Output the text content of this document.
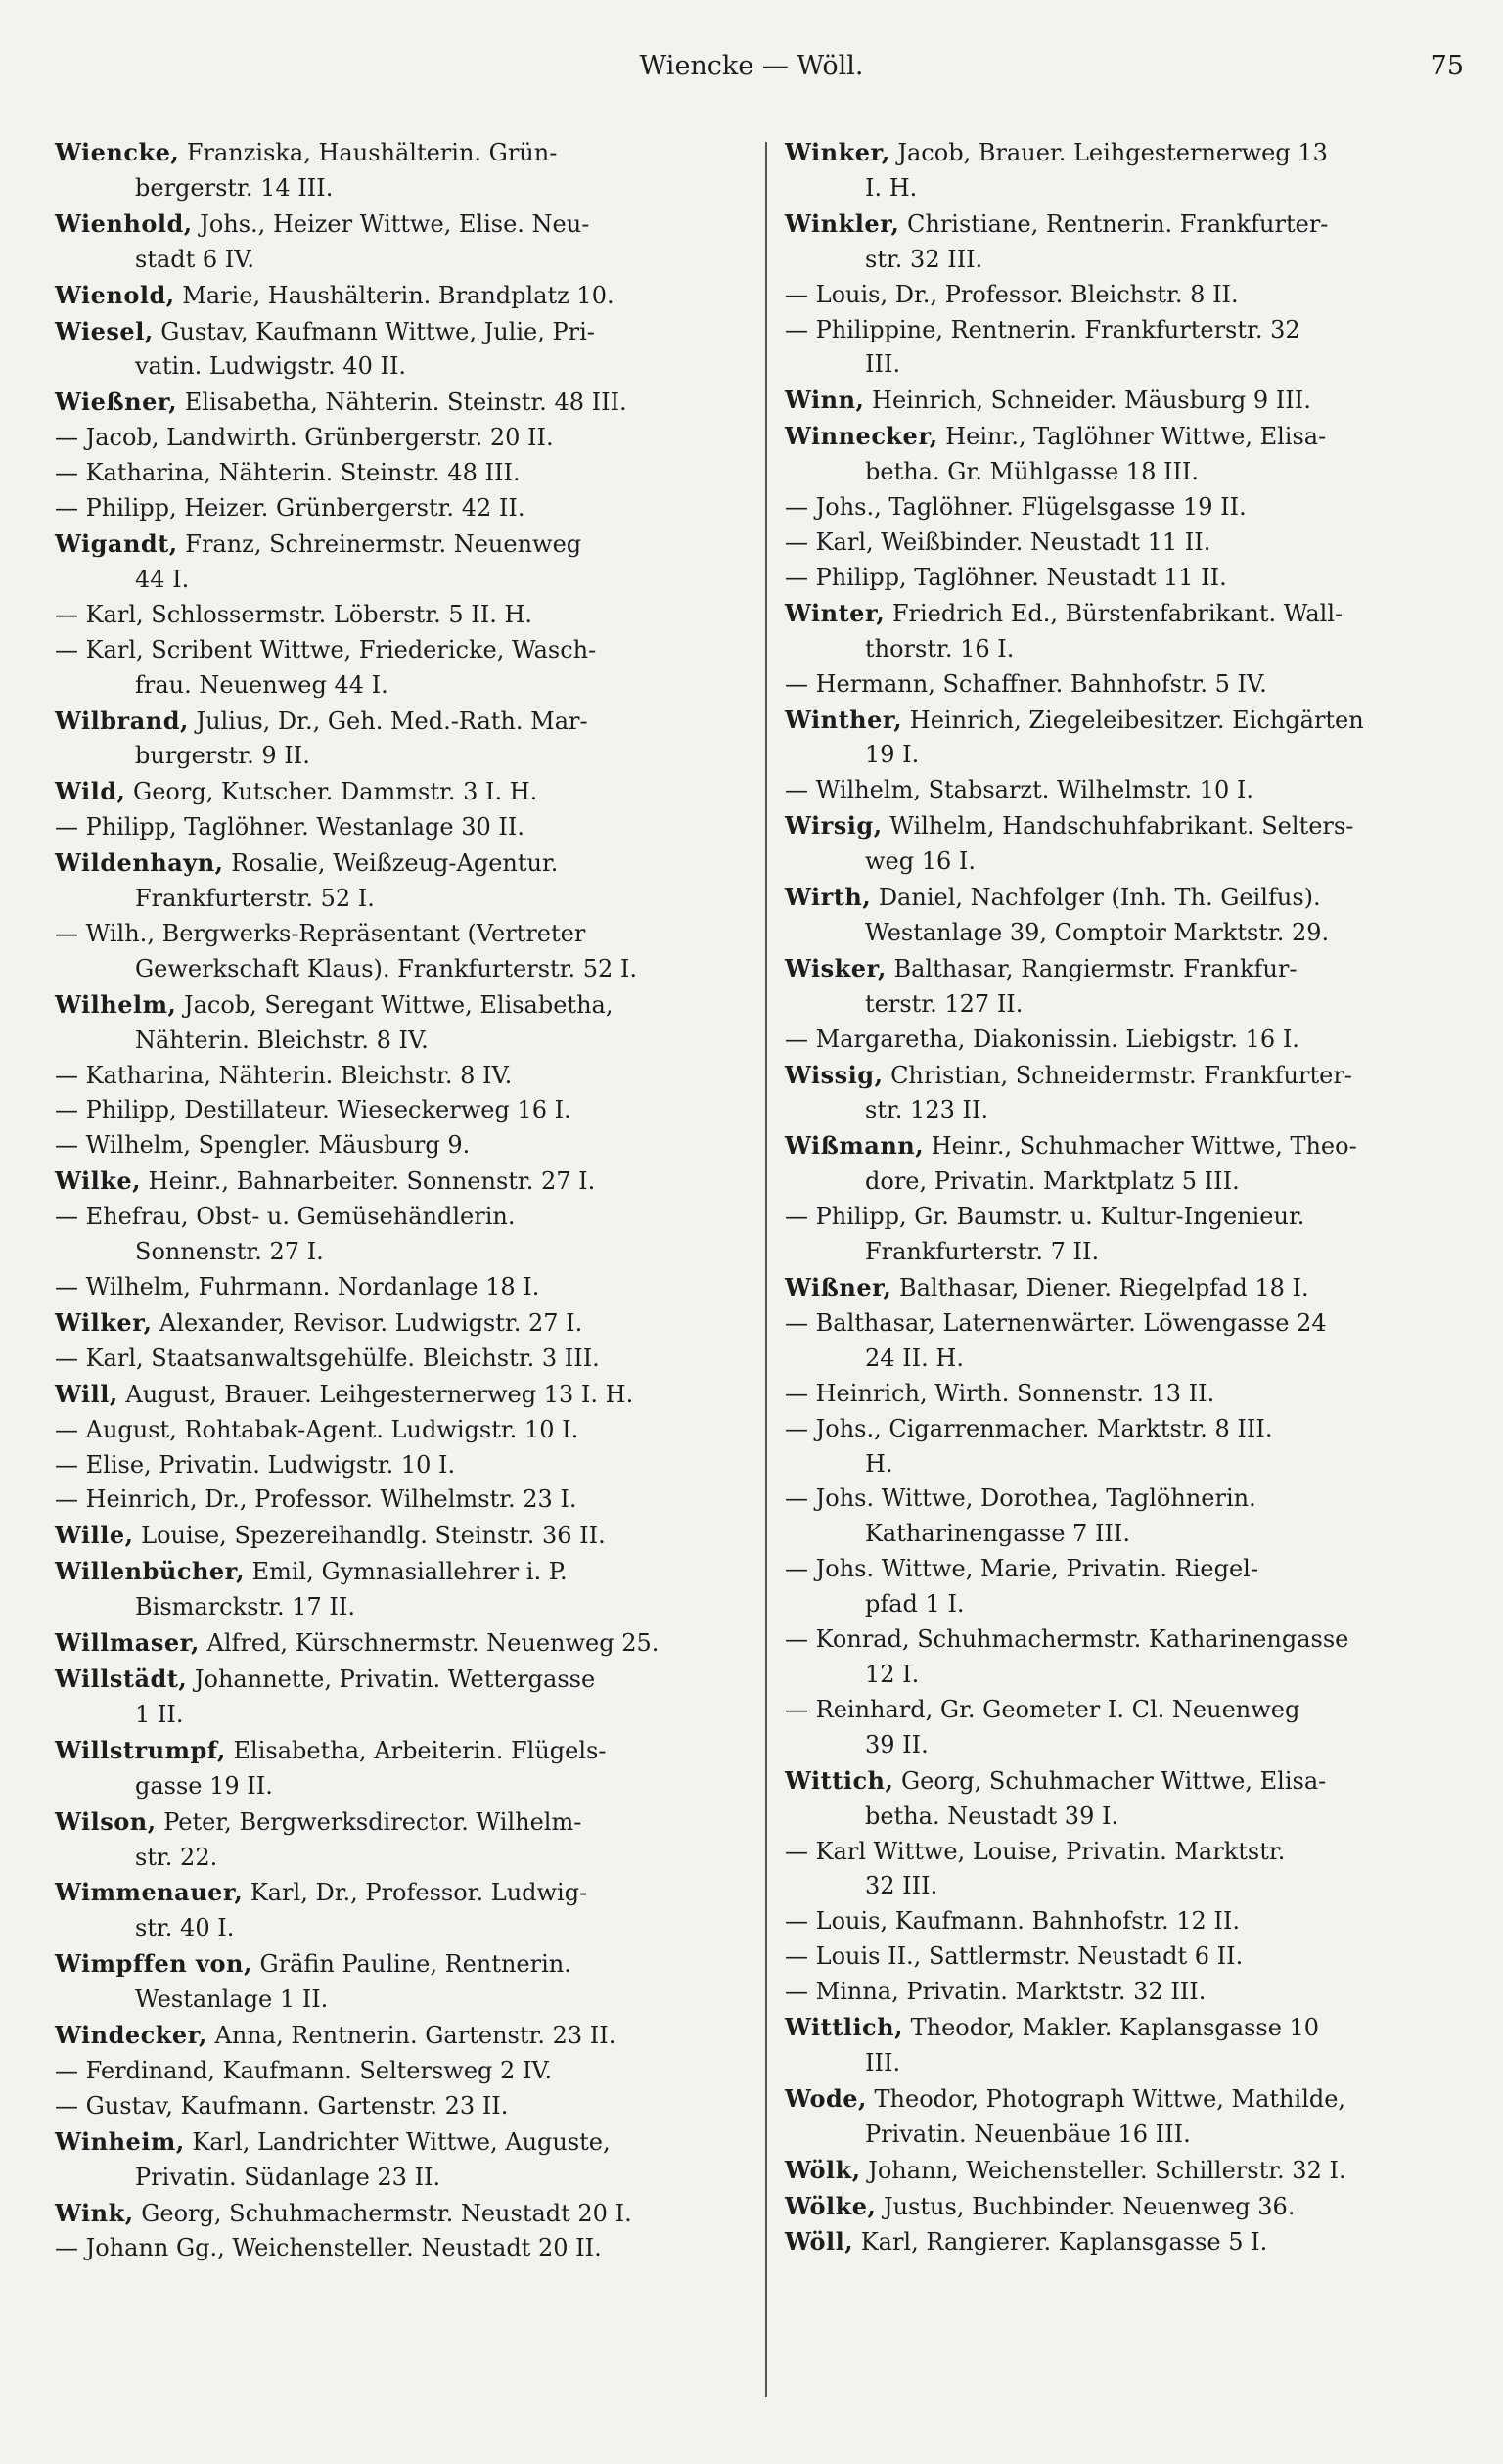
Wiencke — Wöll.	75
Wiencke, Franziska, Haushälterin. Grün-
bergerstr. 14 III.
Wienhold, Johs., Heizer Wittwe, Elise. Neu-
stadt 6 IV.
Wienold, Marie, Haushälterin. Brandplatz 10.
Wiesel, Gustav, Kaufmann Wittwe, Julie, Pri-
vatin. Ludwigstr. 40 II.
Wießner, Elisabetha, Nähterin. Steinstr. 48 III.
— Jacob, Landwirth. Grünbergerstr. 20 II.
— Katharina, Nähterin. Steinstr. 48 III.
— Philipp, Heizer. Grünbergerstr. 42 II.
Wigandt, Franz, Schreinermstr. Neuenweg
44 I.
— Karl, Schlossermstr. Löberstr. 5 II. H.
— Karl, Scribent Wittwe, Friedericke, Wasch-
frau. Neuenweg 44 I.
Wilbrand, Julius, Dr., Geh. Med.-Rath. Mar-
burgerstr. 9 II.
Wild, Georg, Kutscher. Dammstr. 3 I. H.
— Philipp, Taglöhner. Westanlage 30 II.
Wildenhayn, Rosalie, Weißzeug-Agentur.
Frankfurterstr. 52 I.
— Wilh., Bergwerks-Repräsentant (Vertreter
Gewerkschaft Klaus). Frankfurterstr. 52 I.
Wilhelm, Jacob, Seregant Wittwe, Elisabetha,
Nähterin. Bleichstr. 8 IV.
— Katharina, Nähterin. Bleichstr. 8 IV.
— Philipp, Destillateur. Wieseckerweg 16 I.
— Wilhelm, Spengler. Mäusburg 9.
Wilke, Heinr., Bahnarbeiter. Sonnenstr. 27 I.
— Ehefrau, Obst- u. Gemüsehändlerin.
Sonnenstr. 27 I.
— Wilhelm, Fuhrmann. Nordanlage 18 I.
Wilker, Alexander, Revisor. Ludwigstr. 27 I.
— Karl, Staatsanwaltsgehülfe. Bleichstr. 3 III.
Will, August, Brauer. Leihgesternerweg 13 I. H.
— August, Rohtabak-Agent. Ludwigstr. 10 I.
— Elise, Privatin. Ludwigstr. 10 I.
— Heinrich, Dr., Professor. Wilhelmstr. 23 I.
Wille, Louise, Spezereihandlg. Steinstr. 36 II.
Willenbücher, Emil, Gymnasiallehrer i. P.
Bismarckstr. 17 II.
Willmaser, Alfred, Kürschnermstr. Neuenweg 25.
Willstädt, Johannette, Privatin. Wettergasse
1 II.
Willstrumpf, Elisabetha, Arbeiterin. Flügels-
gasse 19 II.
Wilson, Peter, Bergwerksdirector. Wilhelm-
str. 22.
Wimmenauer, Karl, Dr., Professor. Ludwig-
str. 40 I.
Wimpffen von, Gräfin Pauline, Rentnerin.
Westanlage 1 II.
Windecker, Anna, Rentnerin. Gartenstr. 23 II.
— Ferdinand, Kaufmann. Seltersweg 2 IV.
— Gustav, Kaufmann. Gartenstr. 23 II.
Winheim, Karl, Landrichter Wittwe, Auguste,
Privatin. Südanlage 23 II.
Wink, Georg, Schuhmachermstr. Neustadt 20 I.
— Johann Gg., Weichensteller. Neustadt 20 II.
Winker, Jacob, Brauer. Leihgesternerweg 13
I. H.
Winkler, Christiane, Rentnerin. Frankfurter-
str. 32 III.
— Louis, Dr., Professor. Bleichstr. 8 II.
— Philippine, Rentnerin. Frankfurterstr. 32
III.
Winn, Heinrich, Schneider. Mäusburg 9 III.
Winnecker, Heinr., Taglöhner Wittwe, Elisa-
betha. Gr. Mühlgasse 18 III.
— Johs., Taglöhner. Flügelsgasse 19 II.
— Karl, Weißbinder. Neustadt 11 II.
— Philipp, Taglöhner. Neustadt 11 II.
Winter, Friedrich Ed., Bürstenfabrikant. Wall-
thorstr. 16 I.
— Hermann, Schaffner. Bahnhofstr. 5 IV.
Winther, Heinrich, Ziegeleibesitzer. Eichgärten
19 I.
— Wilhelm, Stabsarzt. Wilhelmstr. 10 I.
Wirsig, Wilhelm, Handschuhfabrikant. Selters-
weg 16 I.
Wirth, Daniel, Nachfolger (Inh. Th. Geilfus).
Westanlage 39, Comptoir Marktstr. 29.
Wisker, Balthasar, Rangiermstr. Frankfur-
terstr. 127 II.
— Margaretha, Diakonissin. Liebigstr. 16 I.
Wissig, Christian, Schneidermstr. Frankfurter-
str. 123 II.
Wißmann, Heinr., Schuhmacher Wittwe, Theo-
dore, Privatin. Marktplatz 5 III.
— Philipp, Gr. Baumstr. u. Kultur-Ingenieur.
Frankfurterstr. 7 II.
Wißner, Balthasar, Diener. Riegelpfad 18 I.
— Balthasar, Laternenwärter. Löwengasse 24
24 II. H.
— Heinrich, Wirth. Sonnenstr. 13 II.
— Johs., Cigarrenmacher. Marktstr. 8 III.
H.
— Johs. Wittwe, Dorothea, Taglöhnerin.
Katharinengasse 7 III.
— Johs. Wittwe, Marie, Privatin. Riegel-
pfad 1 I.
— Konrad, Schuhmachermstr. Katharinengasse
12 I.
— Reinhard, Gr. Geometer I. Cl. Neuenweg
39 II.
Wittich, Georg, Schuhmacher Wittwe, Elisa-
betha. Neustadt 39 I.
— Karl Wittwe, Louise, Privatin. Marktstr.
32 III.
— Louis, Kaufmann. Bahnhofstr. 12 II.
— Louis II., Sattlermstr. Neustadt 6 II.
— Minna, Privatin. Marktstr. 32 III.
Wittlich, Theodor, Makler. Kaplansgasse 10
III.
Wode, Theodor, Photograph Wittwe, Mathilde,
Privatin. Neuenbäue 16 III.
Wölk, Johann, Weichensteller. Schillerstr. 32 I.
Wölke, Justus, Buchbinder. Neuenweg 36.
Wöll, Karl, Rangierer. Kaplansgasse 5 I.
